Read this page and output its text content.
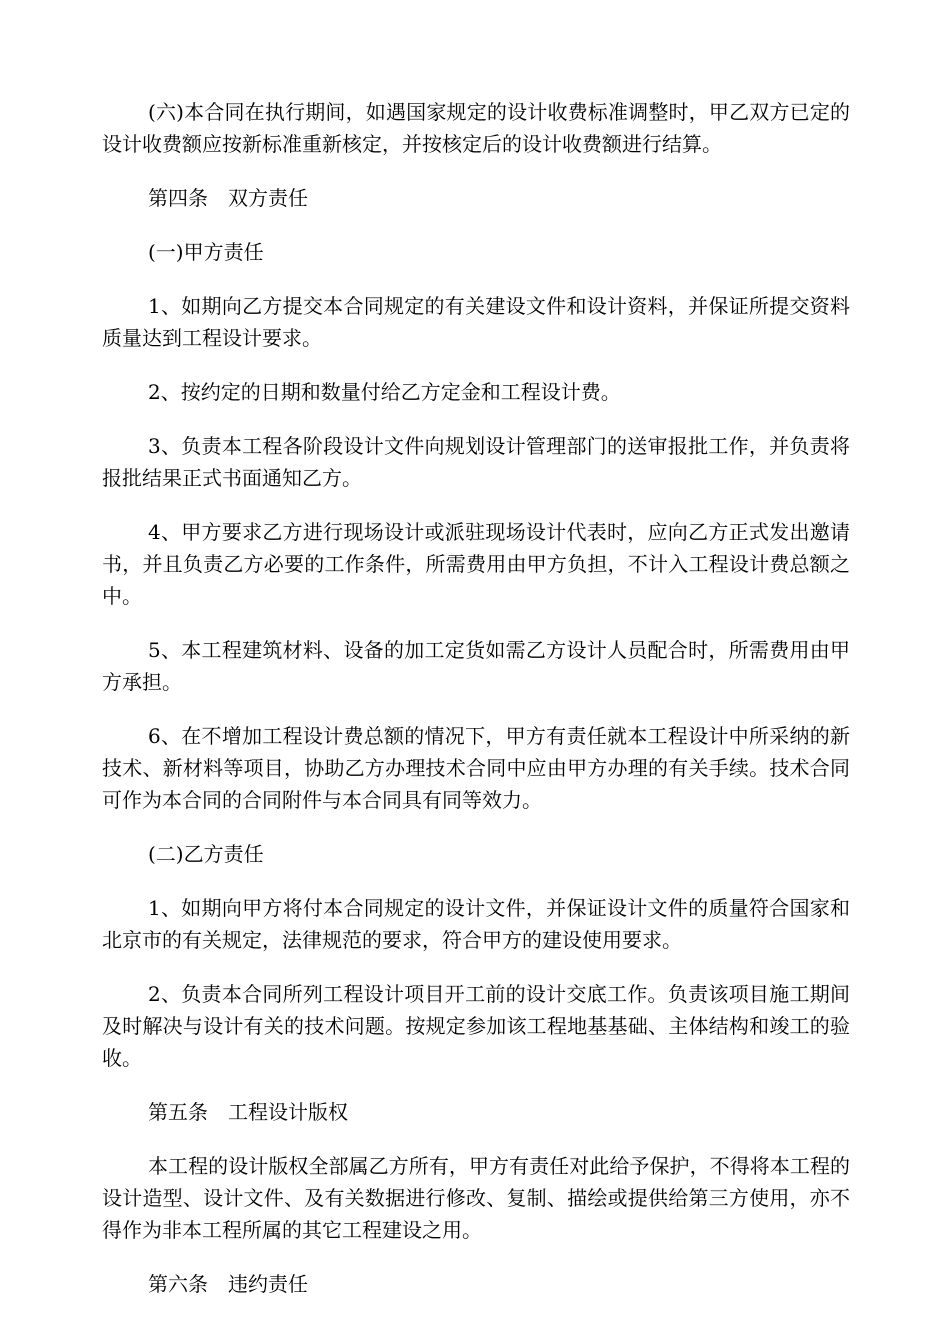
(六)本合同在执行期间，如遇国家规定的设计收费标准调整时，甲乙双方已定的设计收费额应按新标准重新核定，并按核定后的设计收费额进行结算。

第四条　双方责任

(一)甲方责任

1、如期向乙方提交本合同规定的有关建设文件和设计资料，并保证所提交资料质量达到工程设计要求。

2、按约定的日期和数量付给乙方定金和工程设计费。

3、负责本工程各阶段设计文件向规划设计管理部门的送审报批工作，并负责将报批结果正式书面通知乙方。

4、甲方要求乙方进行现场设计或派驻现场设计代表时，应向乙方正式发出邀请书，并且负责乙方必要的工作条件，所需费用由甲方负担，不计入工程设计费总额之中。

5、本工程建筑材料、设备的加工定货如需乙方设计人员配合时，所需费用由甲方承担。

6、在不增加工程设计费总额的情况下，甲方有责任就本工程设计中所采纳的新技术、新材料等项目，协助乙方办理技术合同中应由甲方办理的有关手续。技术合同可作为本合同的合同附件与本合同具有同等效力。

(二)乙方责任

1、如期向甲方将付本合同规定的设计文件，并保证设计文件的质量符合国家和北京市的有关规定，法律规范的要求，符合甲方的建设使用要求。

2、负责本合同所列工程设计项目开工前的设计交底工作。负责该项目施工期间及时解决与设计有关的技术问题。按规定参加该工程地基基础、主体结构和竣工的验收。

第五条　工程设计版权

本工程的设计版权全部属乙方所有，甲方有责任对此给予保护，不得将本工程的设计造型、设计文件、及有关数据进行修改、复制、描绘或提供给第三方使用，亦不得作为非本工程所属的其它工程建设之用。

第六条　违约责任
